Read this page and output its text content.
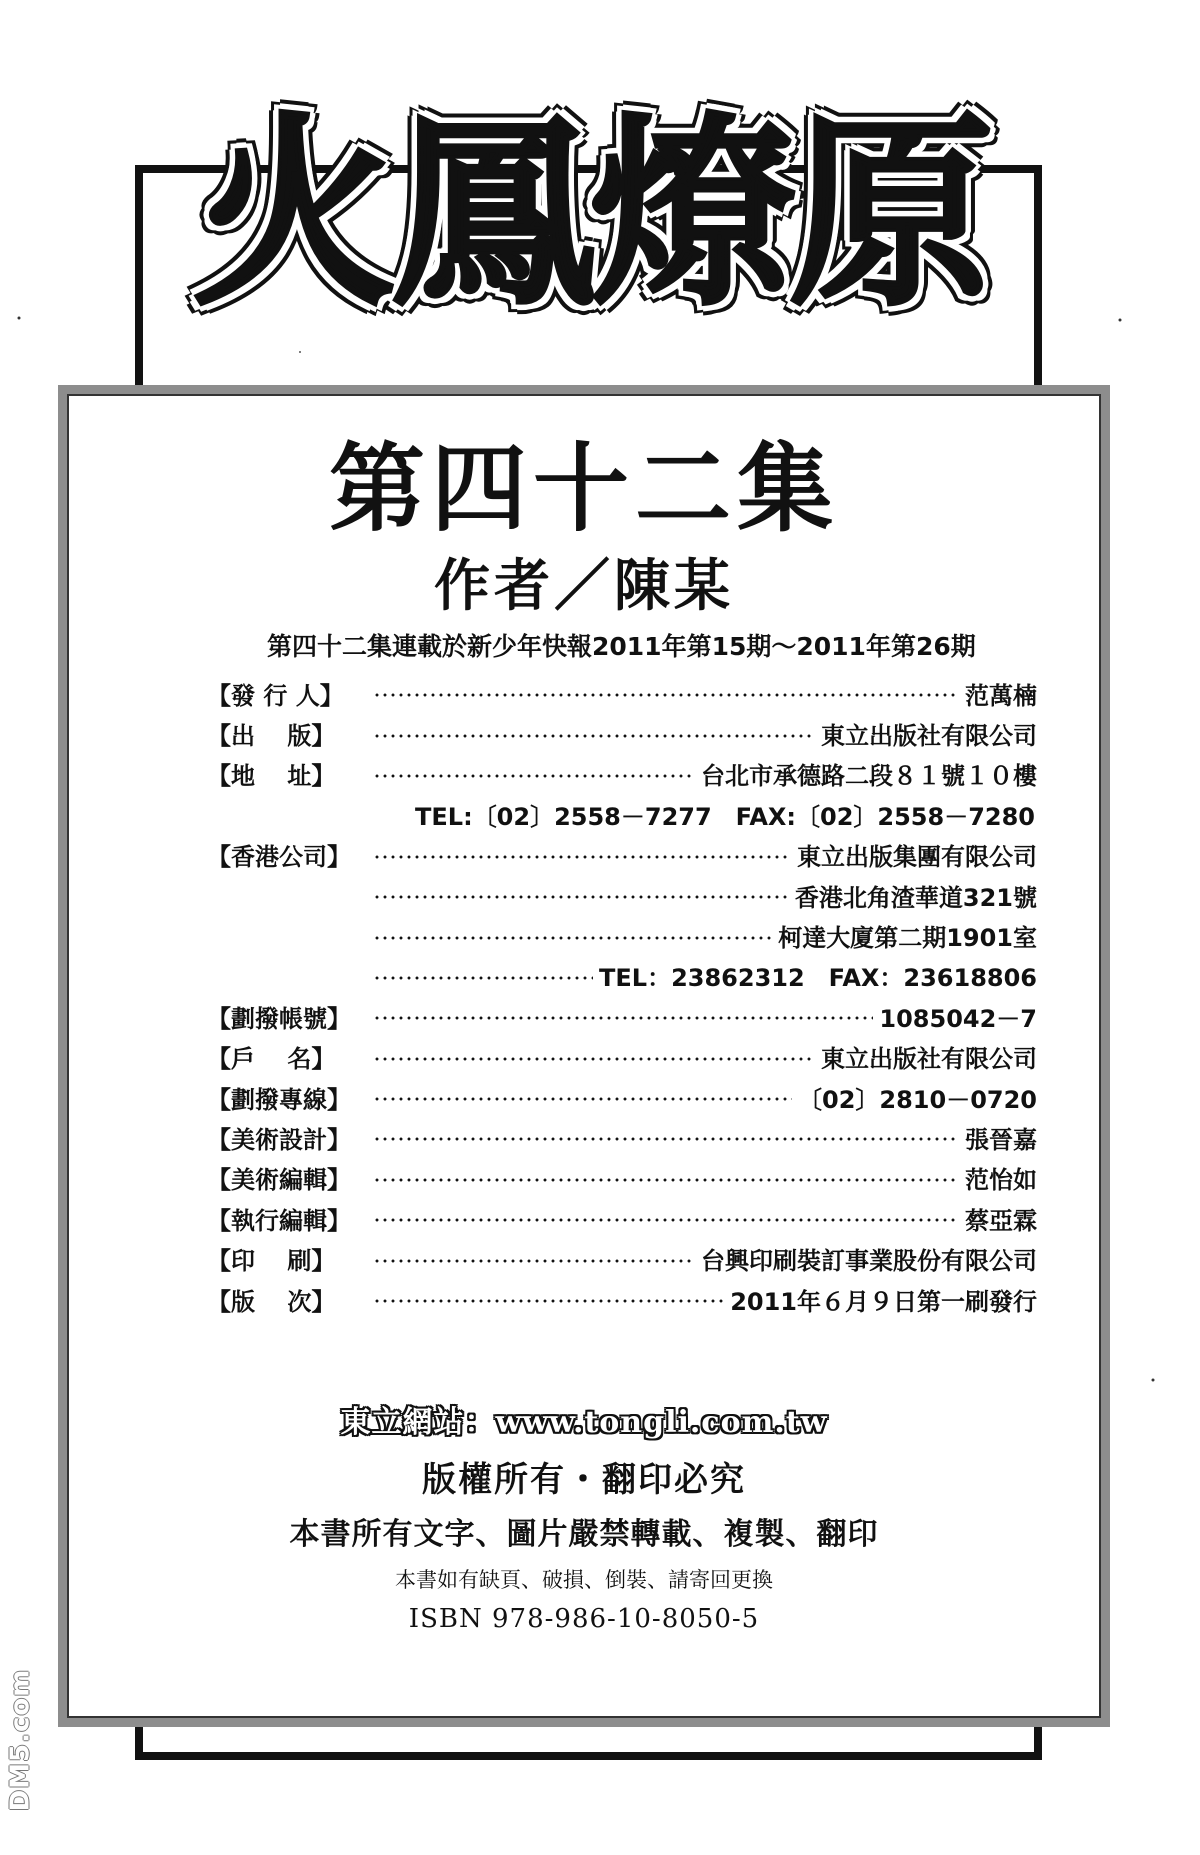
火鳳燎原
第四十二集
作者／陳某
第四十二集連載於新少年快報2011年第15期～2011年第26期
【發 行 人】	范萬楠
【出　 版】	東立出版社有限公司
【地　 址】	台北市承德路二段８１號１０樓
TEL:〔02〕2558－7277　FAX:〔02〕2558－7280
【香港公司】	東立出版集團有限公司
香港北角渣華道321號
柯達大廈第二期1901室
TEL：23862312　FAX：23618806
【劃撥帳號】	1085042－7
【戶　 名】	東立出版社有限公司
【劃撥專線】	〔02〕2810－0720
【美術設計】	張晉嘉
【美術編輯】	范怡如
【執行編輯】	蔡亞霖
【印　 刷】	台興印刷裝訂事業股份有限公司
【版　 次】	2011年６月９日第一刷發行
東立網站：www.tongli.com.tw
版權所有・翻印必究
本書所有文字、圖片嚴禁轉載、複製、翻印
本書如有缺頁、破損、倒裝、請寄回更換
ISBN 978-986-10-8050-5
DM5.com
